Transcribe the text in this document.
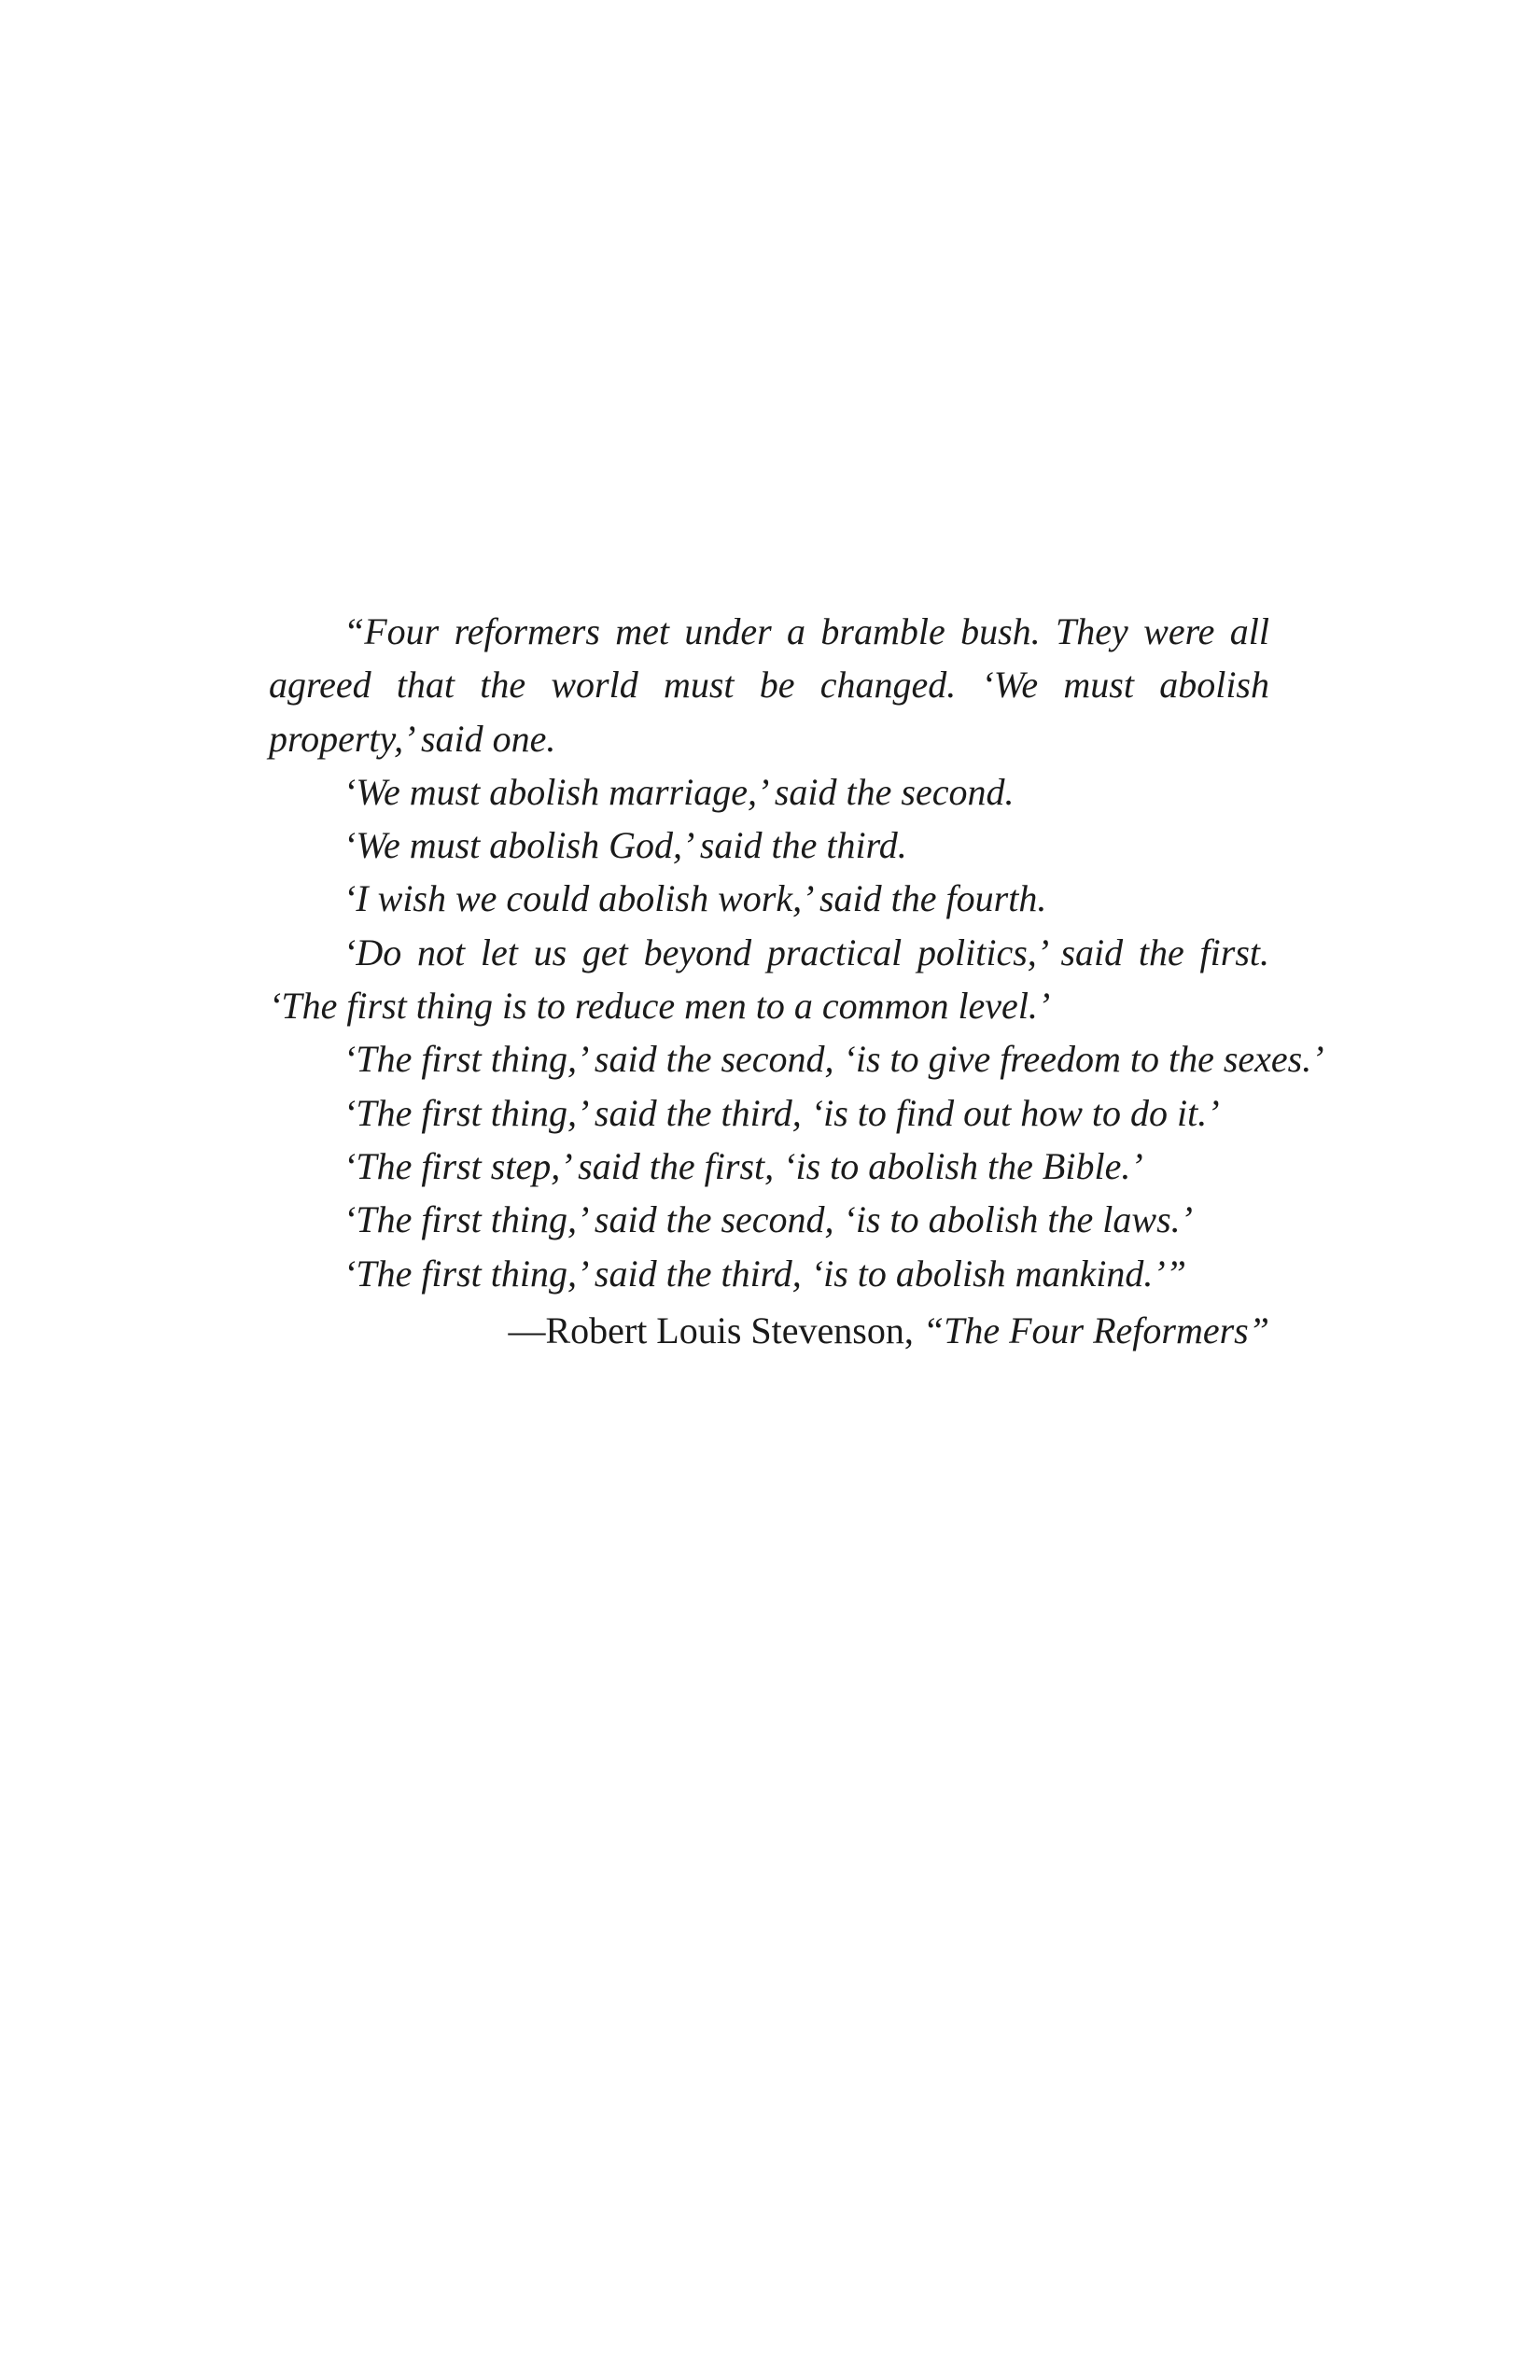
“Four reformers met under a bramble bush. They were all agreed that the world must be changed. ‘We must abolish property,’ said one.

‘We must abolish marriage,’ said the second.

‘We must abolish God,’ said the third.

‘I wish we could abolish work,’ said the fourth.

‘Do not let us get beyond practical politics,’ said the first. ‘The first thing is to reduce men to a common level.’

‘The first thing,’ said the second, ‘is to give freedom to the sexes.’

‘The first thing,’ said the third, ‘is to find out how to do it.’

‘The first step,’ said the first, ‘is to abolish the Bible.’

‘The first thing,’ said the second, ‘is to abolish the laws.’

‘The first thing,’ said the third, ‘is to abolish mankind.’”

—Robert Louis Stevenson, “The Four Reformers”
